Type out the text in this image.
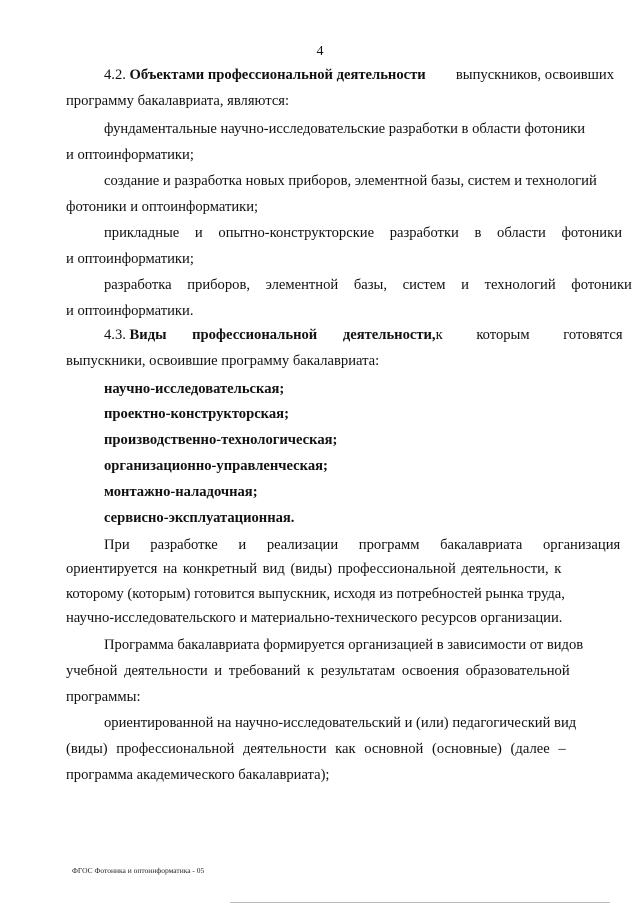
4
4.2. Объектами профессиональной деятельности выпускников, освоивших
программу бакалавриата, являются:
фундаментальные научно-исследовательские разработки в области фотоники
и оптоинформатики;
создание и разработка новых приборов, элементной базы, систем и технологий
фотоники и оптоинформатики;
прикладные и опытно-конструкторские разработки в области фотоники
и оптоинформатики;
разработка приборов, элементной базы, систем и технологий фотоники
и оптоинформатики.
4.3. Виды профессиональной деятельности, к которым готовятся
выпускники, освоившие программу бакалавриата:
научно-исследовательская;
проектно-конструкторская;
производственно-технологическая;
организационно-управленческая;
монтажно-наладочная;
сервисно-эксплуатационная.
При разработке и реализации программ бакалавриата организация
ориентируется на конкретный вид (виды) профессиональной деятельности, к
которому (которым) готовится выпускник, исходя из потребностей рынка труда,
научно-исследовательского и материально-технического ресурсов организации.
Программа бакалавриата формируется организацией в зависимости от видов
учебной деятельности и требований к результатам освоения образовательной
программы:
ориентированной на научно-исследовательский и (или) педагогический вид
(виды) профессиональной деятельности как основной (основные) (далее –
программа академического бакалавриата);
ФГОС Фотоника и оптоинформатика - 05
